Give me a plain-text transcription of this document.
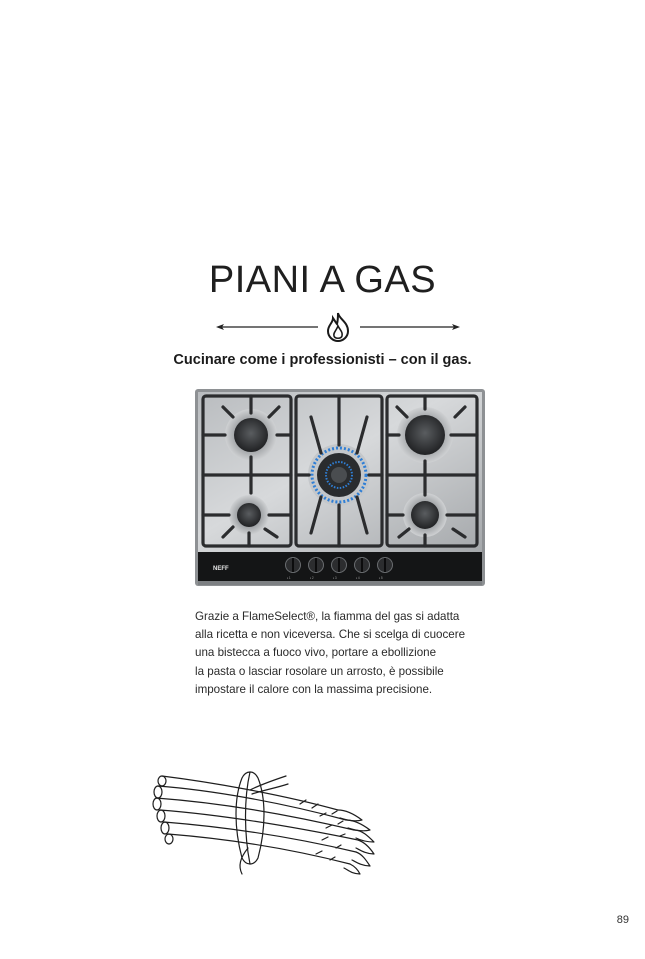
PIANI A GAS
Cucinare come i professionisti – con il gas.
NEFF
◐1	◐2	◐3	◐4	◐5

Grazie a FlameSelect®, la fiamma del gas si adatta
alla ricetta e non viceversa. Che si scelga di cuocere
una bistecca a fuoco vivo, portare a ebollizione
la pasta o lasciar rosolare un arrosto, è possibile
impostare il calore con la massima precisione.

89
